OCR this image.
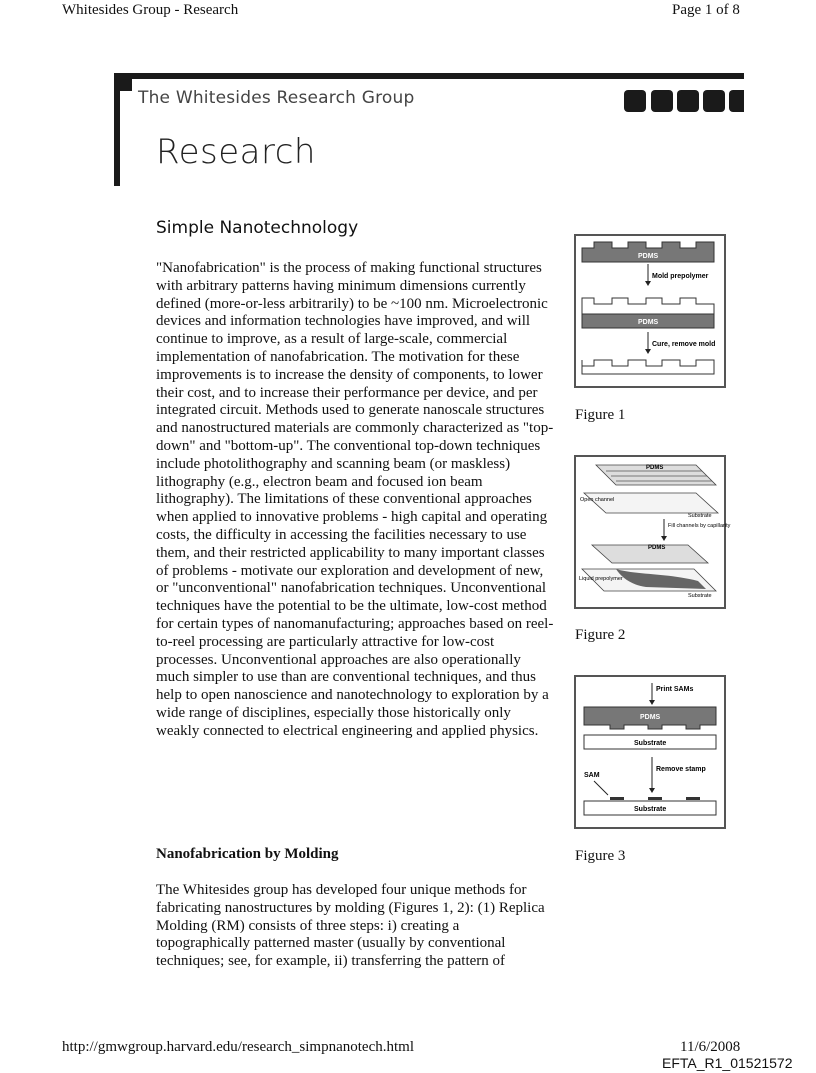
Whitesides Group - Research	Page 1 of 8
The Whitesides Research Group
Research
Simple Nanotechnology
"Nanofabrication" is the process of making functional structures with arbitrary patterns having minimum dimensions currently defined (more-or-less arbitrarily) to be ~100 nm. Microelectronic devices and information technologies have improved, and will continue to improve, as a result of large-scale, commercial implementation of nanofabrication. The motivation for these improvements is to increase the density of components, to lower their cost, and to increase their performance per device, and per integrated circuit. Methods used to generate nanoscale structures and nanostructured materials are commonly characterized as "top-down" and "bottom-up". The conventional top-down techniques include photolithography and scanning beam (or maskless) lithography (e.g., electron beam and focused ion beam lithography). The limitations of these conventional approaches when applied to innovative problems - high capital and operating costs, the difficulty in accessing the facilities necessary to use them, and their restricted applicability to many important classes of problems - motivate our exploration and development of new, or "unconventional" nanofabrication techniques. Unconventional techniques have the potential to be the ultimate, low-cost method for certain types of nanomanufacturing; approaches based on reel-to-reel processing are particularly attractive for low-cost processes. Unconventional approaches are also operationally much simpler to use than are conventional techniques, and thus help to open nanoscience and nanotechnology to exploration by a wide range of disciplines, especially those historically only weakly connected to electrical engineering and applied physics.
Nanofabrication by Molding
The Whitesides group has developed four unique methods for fabricating nanostructures by molding (Figures 1, 2): (1) Replica Molding (RM) consists of three steps: i) creating a topographically patterned master (usually by conventional techniques; see, for example, ii) transferring the pattern of
PDMS
Mold prepolymer
PDMS
Cure, remove mold
Figure 1
PDMS
Open channel
Substrate
Fill channels by capillarity
PDMS
Liquid prepolymer
Substrate
Figure 2
Print SAMs
PDMS
Substrate
Remove stamp
SAM
Substrate
Figure 3
http://gmwgroup.harvard.edu/research_simpnanotech.html	11/6/2008
EFTA_R1_01521572
